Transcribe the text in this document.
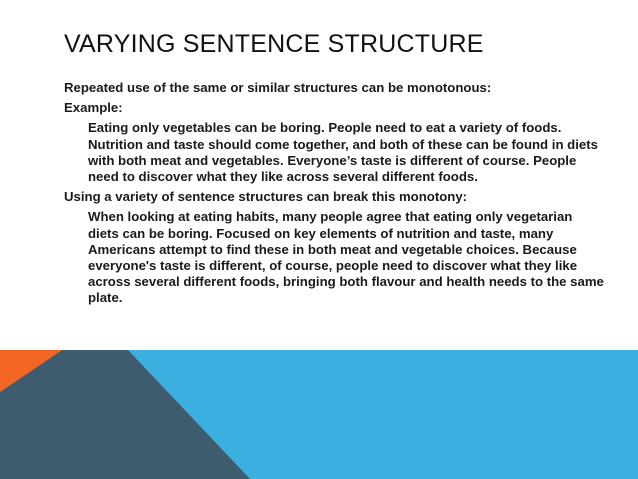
VARYING SENTENCE STRUCTURE
Repeated use of the same or similar structures can be monotonous:
Example:
Eating only vegetables can be boring. People need to eat a variety of foods. Nutrition and taste should come together, and both of these can be found in diets with both meat and vegetables. Everyone’s taste is different of course. People need to discover what they like across several different foods.
Using a variety of sentence structures can break this monotony:
When looking at eating habits, many people agree that eating only vegetarian diets can be boring. Focused on key elements of nutrition and taste, many Americans attempt to find these in both meat and vegetable choices. Because everyone's taste is different, of course, people need to discover what they like across several different foods, bringing both flavour and health needs to the same plate.
